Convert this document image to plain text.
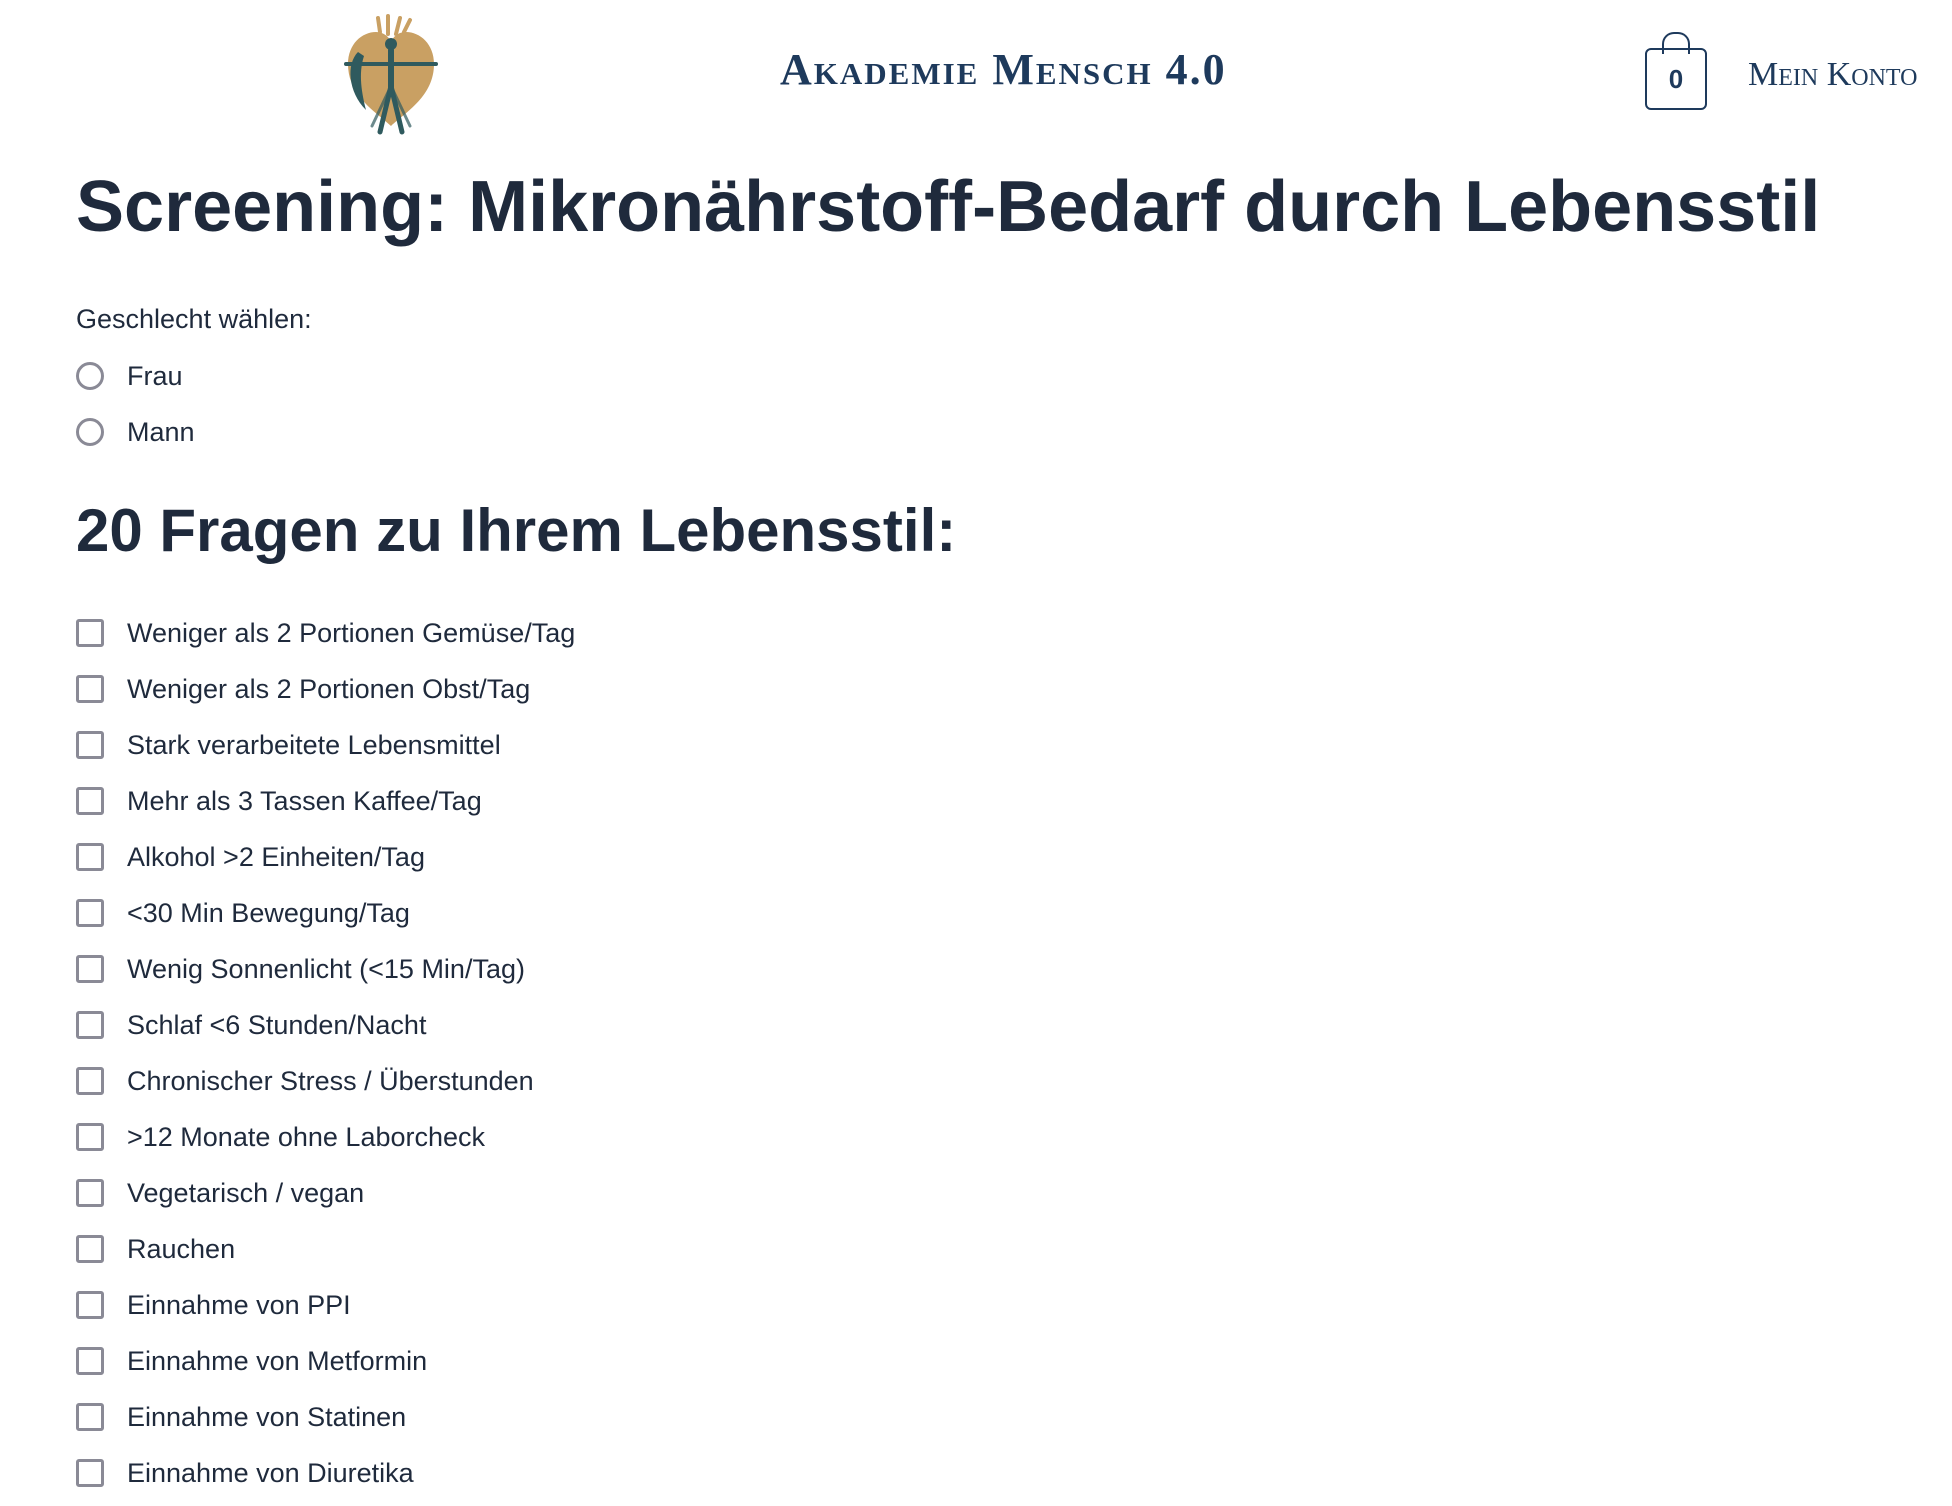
Akademie Mensch 4.0	0	Mein Konto
Screening: Mikronährstoff-Bedarf durch Lebensstil
Geschlecht wählen:
Frau
Mann
20 Fragen zu Ihrem Lebensstil:
Weniger als 2 Portionen Gemüse/Tag
Weniger als 2 Portionen Obst/Tag
Stark verarbeitete Lebensmittel
Mehr als 3 Tassen Kaffee/Tag
Alkohol >2 Einheiten/Tag
<30 Min Bewegung/Tag
Wenig Sonnenlicht (<15 Min/Tag)
Schlaf <6 Stunden/Nacht
Chronischer Stress / Überstunden
>12 Monate ohne Laborcheck
Vegetarisch / vegan
Rauchen
Einnahme von PPI
Einnahme von Metformin
Einnahme von Statinen
Einnahme von Diuretika
